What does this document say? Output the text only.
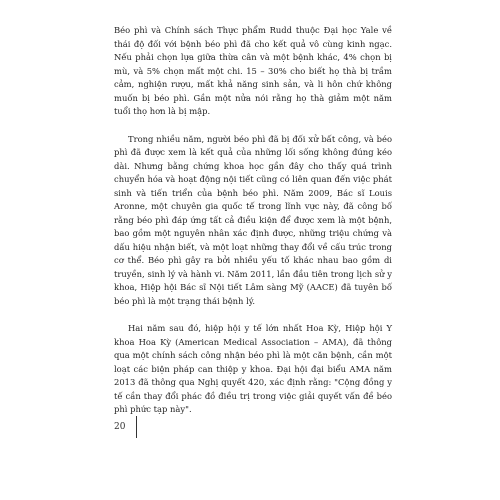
Béo phì và Chính sách Thực phẩm Rudd thuộc Đại học Yale về thái độ đối với bệnh béo phì đã cho kết quả vô cùng kinh ngạc. Nếu phải chọn lựa giữa thừa cân và một bệnh khác, 4% chọn bị mù, và 5% chọn mất một chi. 15 – 30% cho biết họ thà bị trầm cảm, nghiện rượu, mất khả năng sinh sản, và li hôn chứ không muốn bị béo phì. Gần một nửa nói rằng họ thà giảm một năm tuổi thọ hơn là bị mập.

Trong nhiều năm, người béo phì đã bị đối xử bất công, và béo phì đã được xem là kết quả của những lối sống không đúng kéo dài. Nhưng bằng chứng khoa học gần đây cho thấy quá trình chuyển hóa và hoạt động nội tiết cũng có liên quan đến việc phát sinh và tiến triển của bệnh béo phì. Năm 2009, Bác sĩ Louis Aronne, một chuyên gia quốc tế trong lĩnh vực này, đã công bố rằng béo phì đáp ứng tất cả điều kiện để được xem là một bệnh, bao gồm một nguyên nhân xác định được, những triệu chứng và dấu hiệu nhận biết, và một loạt những thay đổi về cấu trúc trong cơ thể. Béo phì gây ra bởi nhiều yếu tố khác nhau bao gồm di truyền, sinh lý và hành vi. Năm 2011, lần đầu tiên trong lịch sử y khoa, Hiệp hội Bác sĩ Nội tiết Lâm sàng Mỹ (AACE) đã tuyên bố béo phì là một trạng thái bệnh lý.

Hai năm sau đó, hiệp hội y tế lớn nhất Hoa Kỳ, Hiệp hội Y khoa Hoa Kỳ (American Medical Association – AMA), đã thông qua một chính sách công nhận béo phì là một căn bệnh, cần một loạt các biện pháp can thiệp y khoa. Đại hội đại biểu AMA năm 2013 đã thông qua Nghị quyết 420, xác định rằng: "Cộng đồng y tế cần thay đổi phác đồ điều trị trong việc giải quyết vấn đề béo phì phức tạp này".

20
